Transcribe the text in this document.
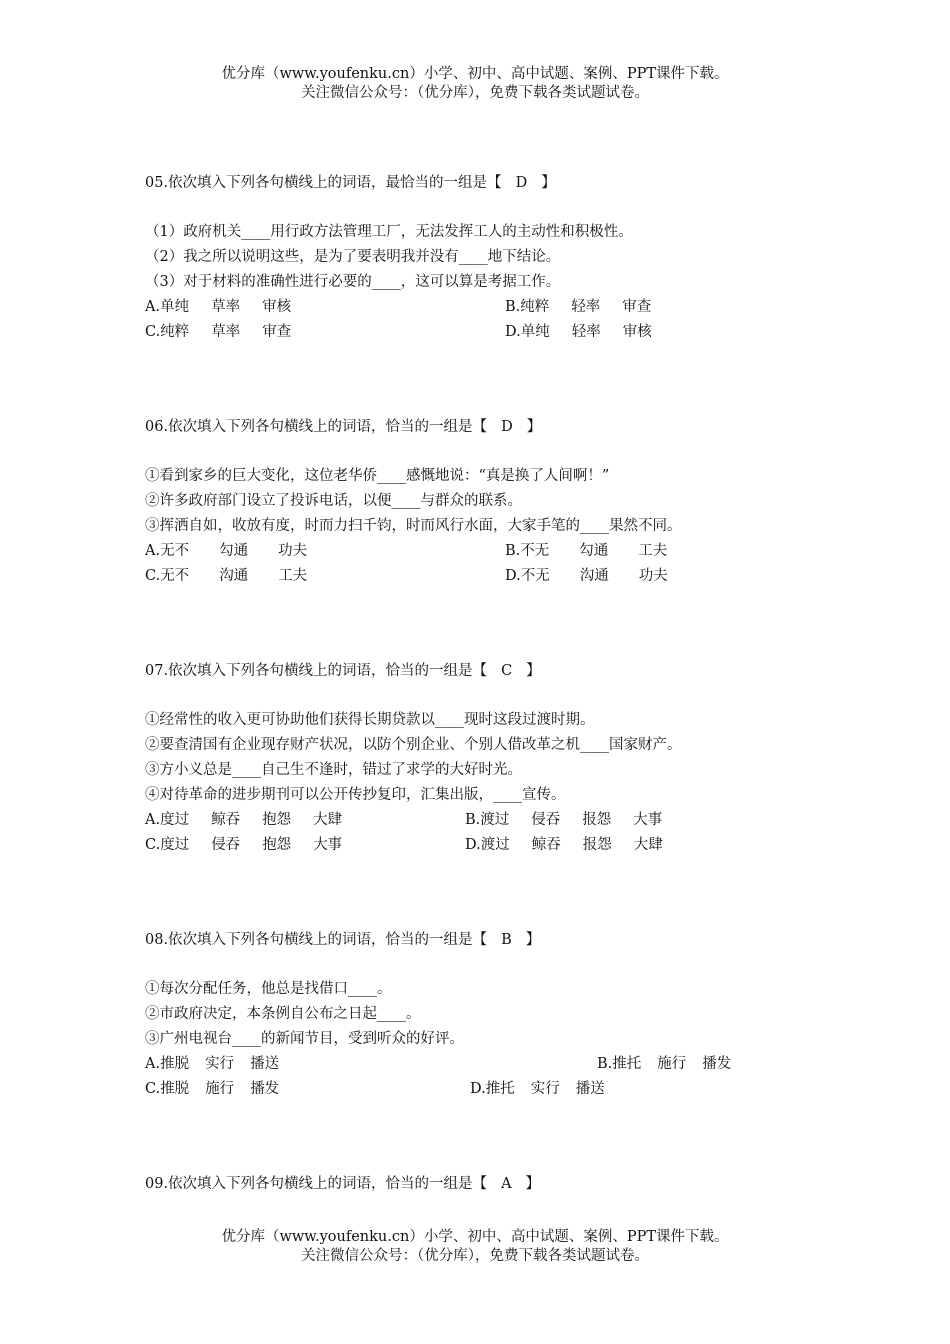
优分库（www.youfenku.cn）小学、初中、高中试题、案例、PPT课件下载。
关注微信公众号：（优分库），免费下载各类试题试卷。
05.依次填入下列各句横线上的词语，最恰当的一组是【 D 】
（1）政府机关____用行政方法管理工厂，无法发挥工人的主动性和积极性。
（2）我之所以说明这些，是为了要表明我并没有____地下结论。
（3）对于材料的准确性进行必要的____，这可以算是考据工作。
A.单纯 草率 审核	B.纯粹 轻率 审查
C.纯粹 草率 审查	D.单纯 轻率 审核
06.依次填入下列各句横线上的词语，恰当的一组是【 D 】
①看到家乡的巨大变化，这位老华侨____感慨地说：“真是换了人间啊！”
②许多政府部门设立了投诉电话，以便____与群众的联系。
③挥洒自如，收放有度，时而力扫千钧，时而风行水面，大家手笔的____果然不同。
A.无不 勾通 功夫	B.不无 勾通 工夫
C.无不 沟通 工夫	D.不无 沟通 功夫
07.依次填入下列各句横线上的词语，恰当的一组是【 C 】
①经常性的收入更可协助他们获得长期贷款以____现时这段过渡时期。
②要查清国有企业现存财产状况，以防个别企业、个别人借改革之机____国家财产。
③方小义总是____自己生不逢时，错过了求学的大好时光。
④对待革命的进步期刊可以公开传抄复印，汇集出版，____宣传。
A.度过 鲸吞 抱怨 大肆	B.渡过 侵吞 报怨 大事
C.度过 侵吞 抱怨 大事	D.渡过 鲸吞 报怨 大肆
08.依次填入下列各句横线上的词语，恰当的一组是【 B 】
①每次分配任务，他总是找借口____。
②市政府决定，本条例自公布之日起____。
③广州电视台____的新闻节目，受到听众的好评。
A.推脱 实行 播送	B.推托 施行 播发
C.推脱 施行 播发	D.推托 实行 播送
09.依次填入下列各句横线上的词语，恰当的一组是【 A 】
优分库（www.youfenku.cn）小学、初中、高中试题、案例、PPT课件下载。
关注微信公众号：（优分库），免费下载各类试题试卷。
